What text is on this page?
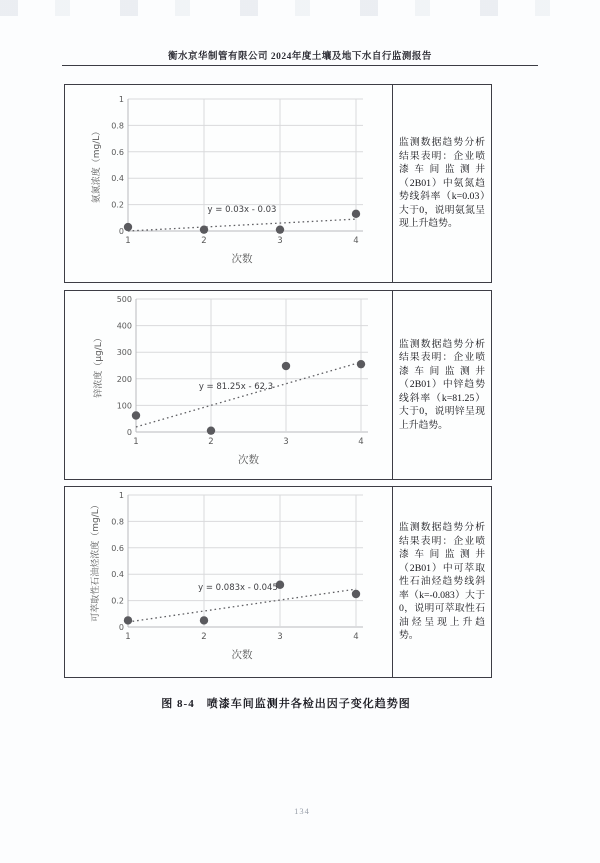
衡水京华制管有限公司 2024年度土壤及地下水自行监测报告
0
0.2
0.4
0.6
0.8
1
1	2	3	4
y = 0.03x - 0.03
次数
氨氮浓度（mg/L）	监测数据趋势分析结果表明：企业喷漆车间监测井（2B01）中氨氮趋势线斜率（k=0.03）大于0，说明氨氮呈现上升趋势。

0
100
200
300
400
500
1	2	3	4
y = 81.25x - 62.3
次数
锌浓度（μg/L）	监测数据趋势分析结果表明：企业喷漆车间监测井（2B01）中锌趋势线斜率（k=81.25）大于0，说明锌呈现上升趋势。

0
0.2
0.4
0.6
0.8
1
1	2	3	4
y = 0.083x - 0.045
次数
可萃取性石油烃浓度（mg/L）	监测数据趋势分析结果表明：企业喷漆车间监测井（2B01）中可萃取性石油烃趋势线斜率（k=-0.083）大于0，说明可萃取性石油烃呈现上升趋势。

图 8-4　喷漆车间监测井各检出因子变化趋势图
134
